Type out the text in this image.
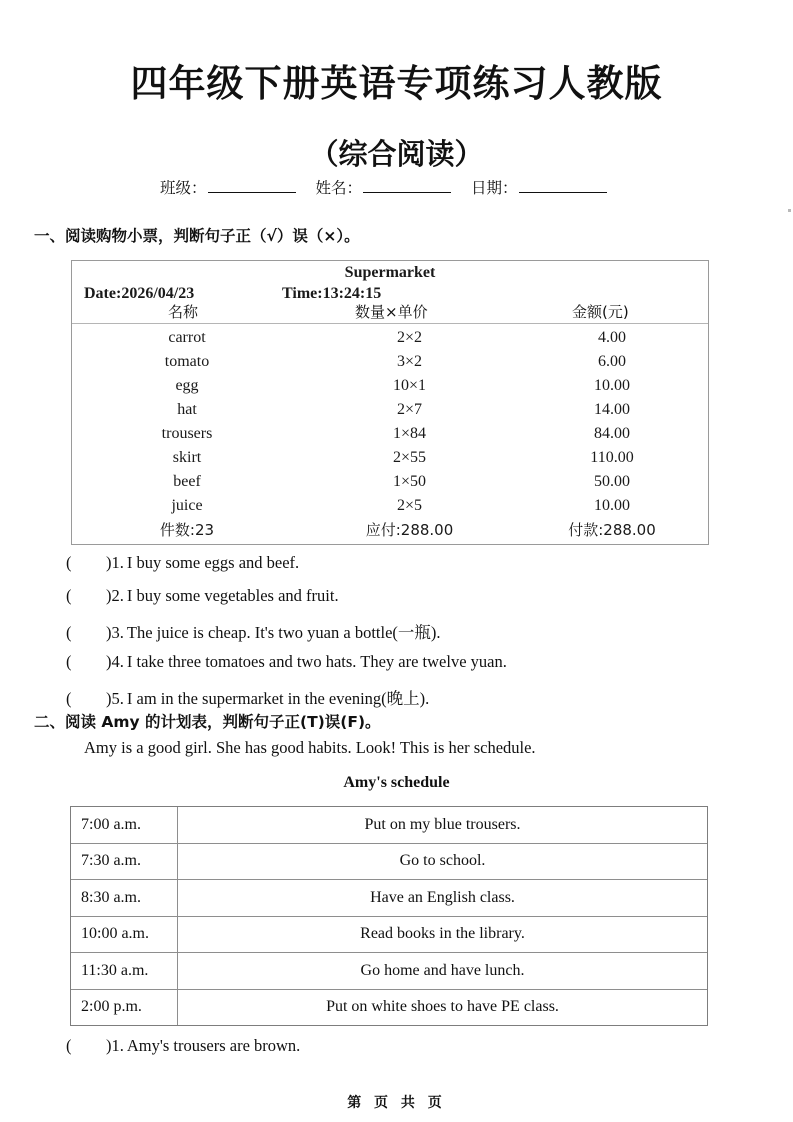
四年级下册英语专项练习人教版
（综合阅读）
班级：	姓名：	日期：
一、阅读购物小票，判断句子正（√）误（×）。
Supermarket
Date:2026/04/23	Time:13:24:15
名称	数量×单价	金额(元)
carrot	2×2	4.00
tomato	3×2	6.00
egg	10×1	10.00
hat	2×7	14.00
trousers	1×84	84.00
skirt	2×55	110.00
beef	1×50	50.00
juice	2×5	10.00
件数:23	应付:288.00	付款:288.00
( )1. I buy some eggs and beef.
( )2. I buy some vegetables and fruit.
( )3. The juice is cheap. It's two yuan a bottle(一瓶).
( )4. I take three tomatoes and two hats. They are twelve yuan.
( )5. I am in the supermarket in the evening(晚上).
二、阅读 Amy 的计划表，判断句子正(T)误(F)。
Amy is a good girl. She has good habits. Look! This is her schedule.
Amy's schedule
7:00 a.m.	Put on my blue trousers.
7:30 a.m.	Go to school.
8:30 a.m.	Have an English class.
10:00 a.m.	Read books in the library.
11:30 a.m.	Go home and have lunch.
2:00 p.m.	Put on white shoes to have PE class.
( )1. Amy's trousers are brown.
第 页 共 页
